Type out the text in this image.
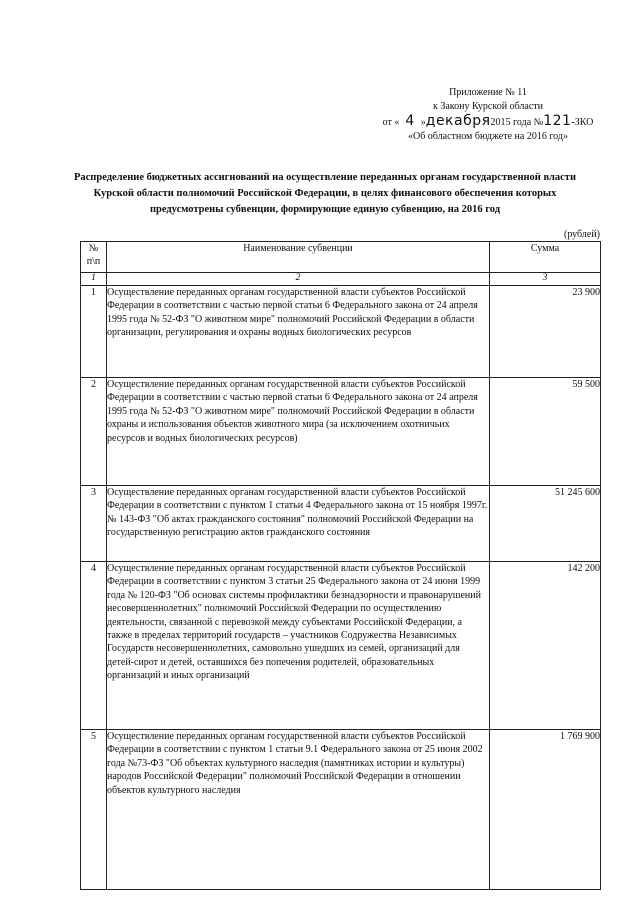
Приложение № 11
к Закону Курской области
от « 4 »декабря2015 года №121-ЗКО
«Об областном бюджете на 2016 год»
Распределение бюджетных ассигнований на осуществление переданных органам государственной власти Курской области полномочий Российской Федерации, в целях финансового обеспечения которых предусмотрены субвенции, формирующие единую субвенцию, на 2016 год
(рублей)
№ п\п	Наименование субвенции	Сумма
1	2	3
1	Осуществление переданных органам государственной власти субъектов Российской Федерации в соответствии с частью первой статьи 6 Федерального закона от 24 апреля 1995 года № 52-ФЗ "О животном мире" полномочий Российской Федерации в области организации, регулирования и охраны водных биологических ресурсов	23 900
2	Осуществление переданных органам государственной власти субъектов Российской Федерации в соответствии с частью первой статьи 6 Федерального закона от 24 апреля 1995 года № 52-ФЗ "О животном мире" полномочий Российской Федерации в области охраны и использования объектов животного мира (за исключением охотничьих ресурсов и водных биологических ресурсов)	59 500
3	Осуществление переданных органам государственной власти субъектов Российской Федерации в соответствии с пунктом 1 статьи 4 Федерального закона от 15 ноября 1997г. № 143-ФЗ "Об актах гражданского состояния" полномочий Российской Федерации на государственную регистрацию актов гражданского состояния	51 245 600
4	Осуществление переданных органам государственной власти субъектов Российской Федерации в соответствии с пунктом 3 статьи 25 Федерального закона от 24 июня 1999 года № 120-ФЗ "Об основах системы профилактики безнадзорности и правонарушений несовершеннолетних" полномочий Российской Федерации по осуществлению деятельности, связанной с перевозкой между субъектами Российской Федерации, а также в пределах территорий государств – участников Содружества Независимых Государств несовершеннолетних, самовольно ушедших из семей, организаций для детей-сирот и детей, оставшихся без попечения родителей, образовательных организаций и иных организаций	142 200
5	Осуществление переданных органам государственной власти субъектов Российской Федерации в соответствии с пунктом 1 статьи 9.1 Федерального закона от 25 июня 2002 года №73-ФЗ "Об объектах культурного наследия (памятниках истории и культуры) народов Российской Федерации" полномочий Российской Федерации в отношении объектов культурного наследия	1 769 900
